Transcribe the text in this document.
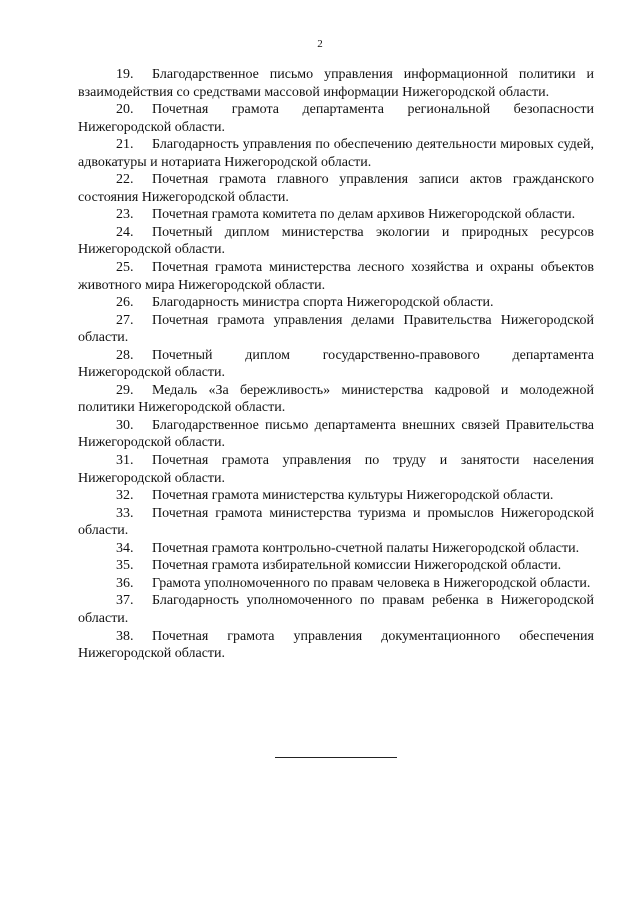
2

19. Благодарственное письмо управления информационной политики и взаимодействия со средствами массовой информации Нижегородской области.

20. Почетная грамота департамента региональной безопасности Нижегородской области.

21. Благодарность управления по обеспечению деятельности мировых судей, адвокатуры и нотариата Нижегородской области.

22. Почетная грамота главного управления записи актов гражданского состояния Нижегородской области.

23. Почетная грамота комитета по делам архивов Нижегородской области.

24. Почетный диплом министерства экологии и природных ресурсов Нижегородской области.

25. Почетная грамота министерства лесного хозяйства и охраны объектов животного мира Нижегородской области.

26. Благодарность министра спорта Нижегородской области.

27. Почетная грамота управления делами Правительства Нижегородской области.

28. Почетный диплом государственно-правового департамента Нижегородской области.

29. Медаль «За бережливость» министерства кадровой и молодежной политики Нижегородской области.

30. Благодарственное письмо департамента внешних связей Правительства Нижегородской области.

31. Почетная грамота управления по труду и занятости населения Нижегородской области.

32. Почетная грамота министерства культуры Нижегородской области.

33. Почетная грамота министерства туризма и промыслов Нижегородской области.

34. Почетная грамота контрольно-счетной палаты Нижегородской области.

35. Почетная грамота избирательной комиссии Нижегородской области.

36. Грамота уполномоченного по правам человека в Нижегородской области.

37. Благодарность уполномоченного по правам ребенка в Нижегородской области.

38. Почетная грамота управления документационного обеспечения Нижегородской области.
